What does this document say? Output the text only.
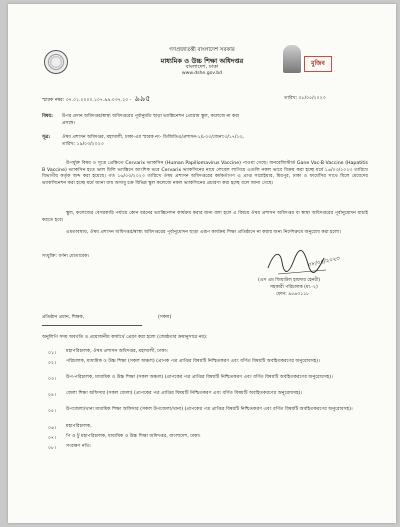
গণপ্রজাতন্ত্রী বাংলাদেশ সরকার
মাধ্যমিক ও উচ্চ শিক্ষা অধিদপ্তর
বাংলাদেশ, ঢাকা
www.dshe.gov.bd
মুজিব
স্মারক নম্বর: ৩৭.০১.০০০০.১০৭.৯৯.০৩৭.২০ - ৯৯৫	তারিখ: ০৮/০৫/২০২৩
বিষয়: উপর প্রদান অধিদপ্তর/স্বাস্থ্য অধিদপ্তরের পূর্বানুমতি ছাড়া ভ্যাক্সিনেশন প্রোগ্রাম স্কুল, কলেজে না করা
প্রসঙ্গে।
সূত্র:	ঔষধ প্রশাসন অধিদপ্তর, মহাখালী, ঢাকা-এর স্মারক নং- ডিজিডিএ/প্রশাসন-১/৮০৩/জেনা:৩/১৭/১৩,
তারিখ: ১৯/০৩/২০২৩
উপর্যুক্ত বিষয় ও সূত্রে প্রেক্ষিতে Cervarix ভ্যাকসিন (Human Papillomavirus Vaccine) পাওয়া গেছে। অনরেজিস্টার্ড Gane Vac-B Vaccine (Hapatitis B Vaccine) ভ্যাকসিন হতে ভাল মিলি ভ্যাক্সিনে আংশিক ভরে Cervarix ভ্যাকসিনের নামে লেবেল লাগিয়ে এগুলি নকল ভাবে বিক্রয় করা হচ্ছে মর্মে ১৬/০৩/২০২৩ তারিখে বিভাগীয় কর্তৃক জব্দ করা হয়েছে। গত ১৬/০৩/২০২৩ তারিখে ঔষধ প্রশাসন অধিদপ্তরের কর্মকর্তাগণ এ প্রাপ্ত সাপ্লাইয়ার, মিরপুর, ঢাকা ও ফার্মেসির সাথে মিলে মেয়েদের ভ্যাকসিনেশন করা হচ্ছে মর্মে জানা যায় অসাধু চক্র বিভিন্ন স্কুল কলেজে নকল ভ্যাকসিনের প্রচারণা করা হচ্ছে বলে জানা গেছে।
স্কুল, কলেজের বেসরকারি পর্যায়ে কোন ধরনের ভ্যাক্সিনেশন কার্যক্রম করার জন্য বলা হলে এ বিষয়ে ঔষধ প্রশাসন অধিদপ্তর বা স্বাস্থ্য অধিদপ্তরের পূর্বানুমোদন যাচাই করতে হবে।
এমতাবস্থায়, ঔষধ প্রশাসন অধিদপ্তর/স্বাস্থ্য অধিদপ্তরের পূর্বানুমোদন ছাড়া এরূপ কার্যক্রম শিক্ষা প্রতিষ্ঠানে না করার জন্য নির্দেশক্রমে অনুরোধ করা হলো।
সংযুক্তি: বর্ণনা মোতাবেক।	০৮/০৫/২০২৩
(এস এম জিয়াউল হায়দার হেনরী)
সহকারী পরিচালক (মা.-২)
ফোন: ৯৫৬৩১১৮
প্রতিষ্ঠান প্রধান, শিক্ষক,	(সকল)
অনুলিপি সদয় অবগতি ও প্রয়োজনীয় কার্যার্থে প্রেরণ করা হলো (জ্যেষ্ঠতার ক্রমানুসারে নয়):
০১।	মহাপরিচালক, ঔষধ প্রশাসন অধিদপ্তর, মহাখালী, ঢাকা।
০২।	পরিচালক, মাধ্যমিক ও উচ্চ শিক্ষা (সকল অঞ্চল) (প্রাপক পত্র প্রাপ্তির বিষয়টি নিশ্চিতকরণ এবং বর্ণিত বিষয়টি অবহিতকরণের অনুরোধসহ)।
০৩।	উপ-পরিচালক, মাধ্যমিক ও উচ্চ শিক্ষা (সকল অঞ্চল) (প্রাপকের পত্র প্রাপ্তির বিষয়টি নিশ্চিতকরণ এবং বর্ণিত বিষয়টি অবহিতকরণের অনুরোধসহ)।
০৪।	জেলা শিক্ষা অফিসার (সকল জেলা) (প্রাপকের পত্র প্রাপ্তির বিষয়টি নিশ্চিতকরণ এবং বর্ণিত বিষয়টি অবহিতকরণের অনুরোধসহ)।
০৫।	উপজেলা/থানা মাধ্যমিক শিক্ষা অফিসার (সকল উপজেলা/থানা) (প্রাপকের পত্র প্রাপ্তির বিষয়টি নিশ্চিতকরণ এবং বর্ণিত বিষয়টি অবহিতকরণের অনুরোধসহ)।
০৬।	মহাপরিচালক,
০৭।	পি ও টু মহাপরিচালক, মাধ্যমিক ও উচ্চ শিক্ষা অধিদপ্তর, বাংলাদেশ, ঢাকা।
০৮।	সংরক্ষণ নথি।
